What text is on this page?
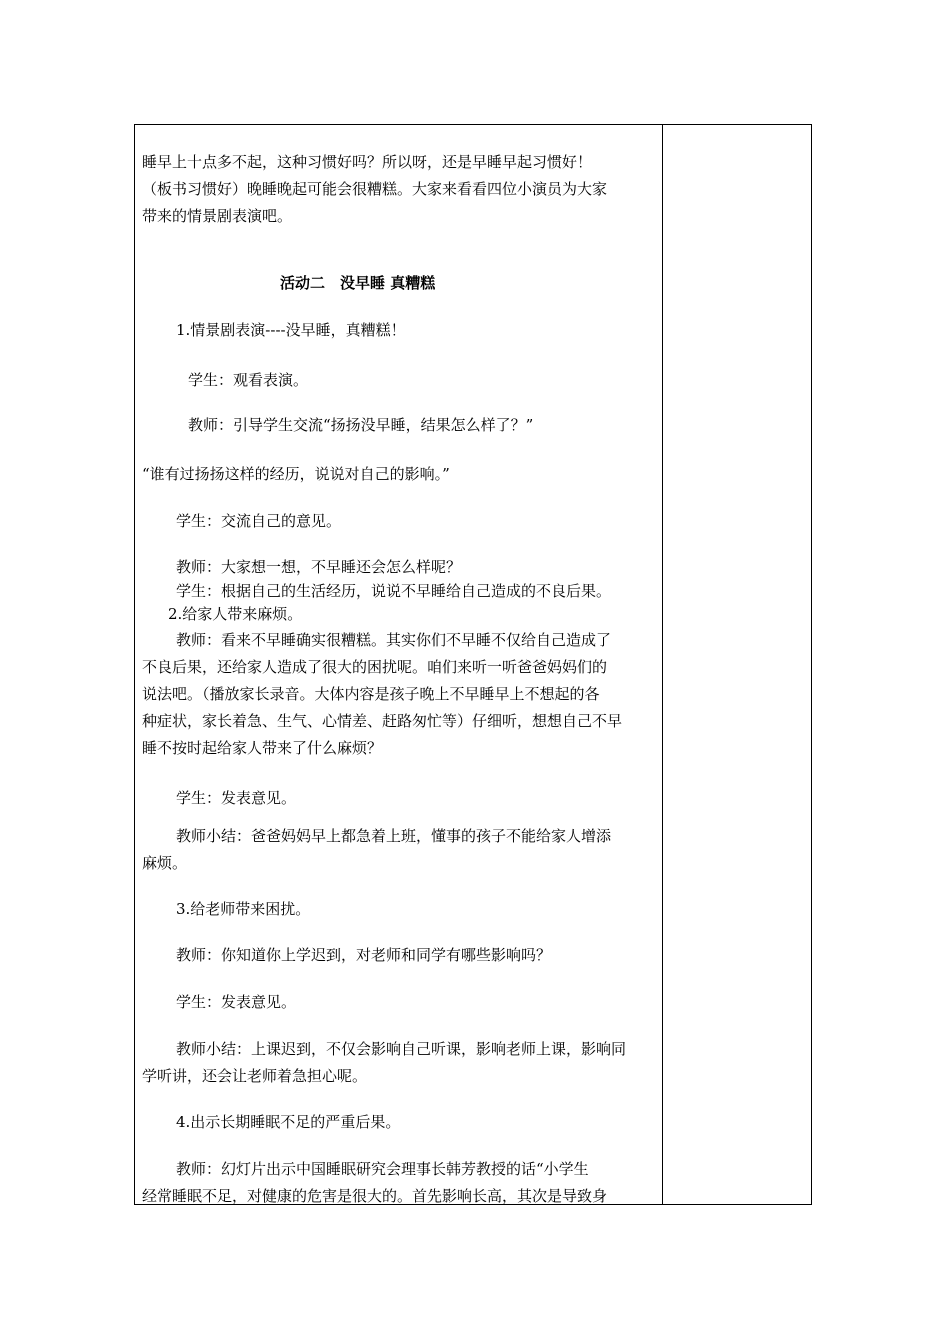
睡早上十点多不起，这种习惯好吗？所以呀，还是早睡早起习惯好！
（板书习惯好）晚睡晚起可能会很糟糕。大家来看看四位小演员为大家
带来的情景剧表演吧。
活动二　没早睡 真糟糕
1.情景剧表演----没早睡，真糟糕！
学生：观看表演。
教师：引导学生交流“扬扬没早睡，结果怎么样了？”
“谁有过扬扬这样的经历，说说对自己的影响。”
学生：交流自己的意见。
教师：大家想一想，不早睡还会怎么样呢？
学生：根据自己的生活经历，说说不早睡给自己造成的不良后果。
2.给家人带来麻烦。
教师：看来不早睡确实很糟糕。其实你们不早睡不仅给自己造成了
不良后果，还给家人造成了很大的困扰呢。咱们来听一听爸爸妈妈们的
说法吧。（播放家长录音。大体内容是孩子晚上不早睡早上不想起的各
种症状，家长着急、生气、心情差、赶路匆忙等）仔细听，想想自己不早
睡不按时起给家人带来了什么麻烦？
学生：发表意见。
教师小结：爸爸妈妈早上都急着上班，懂事的孩子不能给家人增添
麻烦。
3.给老师带来困扰。
教师：你知道你上学迟到，对老师和同学有哪些影响吗？
学生：发表意见。
教师小结：上课迟到，不仅会影响自己听课，影响老师上课，影响同
学听讲，还会让老师着急担心呢。
4.出示长期睡眠不足的严重后果。
教师：幻灯片出示中国睡眠研究会理事长韩芳教授的话“小学生
经常睡眠不足，对健康的危害是很大的。首先影响长高，其次是导致身
